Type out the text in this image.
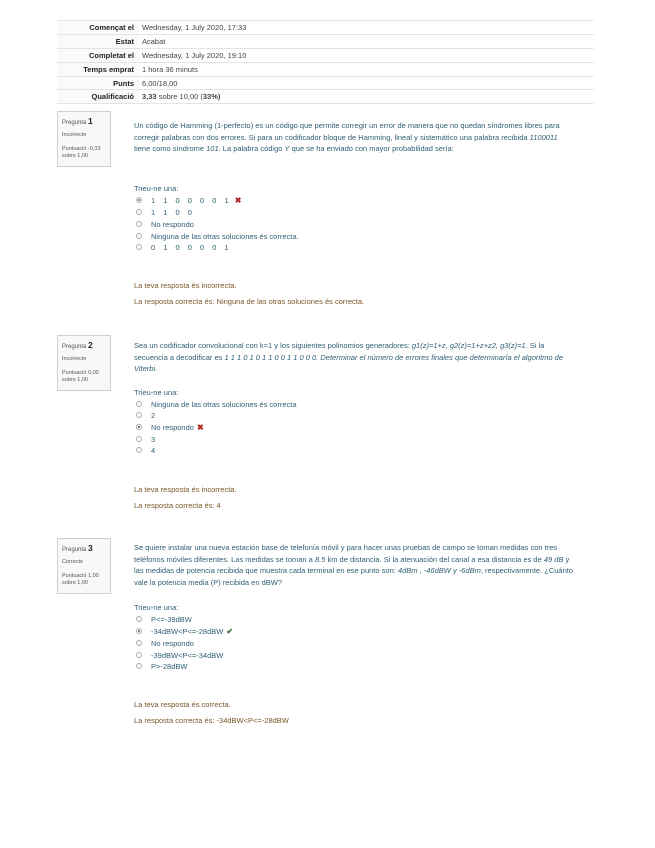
Començat el	Wednesday, 1 July 2020, 17:33
Estat	Acabat
Completat el	Wednesday, 1 July 2020, 19:10
Temps emprat	1 hora 36 minuts
Punts	6,00/18,00
Qualificació	3,33 sobre 10,00 (33%)
Pregunta 1
Incorrecte
Puntuació -0,33
sobre 1,00
Un código de Hamming (1-perfecto) es un código que permite corregir un error de manera que no quedan síndromes libres para corregir palabras con dos errores. Si para un codificador bloque de Hamming, lineal y sistemático una palabra recibida 1100011 tiene como síndrome 101. La palabra código Y que se ha enviado con mayor probabilidad sería:
Trieu-ne una:
1 1 0 0 0 0 1 ✖
1 1 0 0
No respondo
Ninguna de las otras soluciones és correcta.
0 1 0 0 0 0 1
La teva resposta és incorrecta.
La resposta correcta és: Ninguna de las otras soluciones és correcta.
Pregunta 2
Incorrecte
Puntuació 0,00
sobre 1,00
Sea un codificador convolucional con k=1 y los siguientes polinomios generadores: g1(z)=1+z, g2(z)=1+z+z2, g3(z)=1. Si la secuencia a decodificar es 1 1 1 0 1 0 1 1 0 0 1 1 0 0 0. Determinar el número de errores finales que determinaría el algoritmo de Viterbi.
Trieu-ne una:
Ninguna de las otras soluciones és correcta
2
No respondo ✖
3
4
La teva resposta és incorrecta.
La resposta correcta és: 4
Pregunta 3
Correcte
Puntuació 1,00
sobre 1,00
Se quiere instalar una nueva estación base de telefonía móvil y para hacer unas pruebas de campo se toman medidas con tres teléfonos móviles diferentes. Las medidas se toman a 8.5 km de distancia. Si la atenuación del canal a esa distancia es de 49 dB y las medidas de potencia recibida que muestra cada terminal en ese punto son: 4dBm , -46dBW y -6dBm, respectivamente. ¿Cuánto vale la potencia media (P) recibida en dBW?
Trieu-ne una:
P<=-39dBW
-34dBW<P<=-28dBW ✔
No respondo
-39dBW<P<=-34dBW
P>-28dBW
La teva resposta és correcta.
La resposta correcta és: -34dBW<P<=-28dBW
